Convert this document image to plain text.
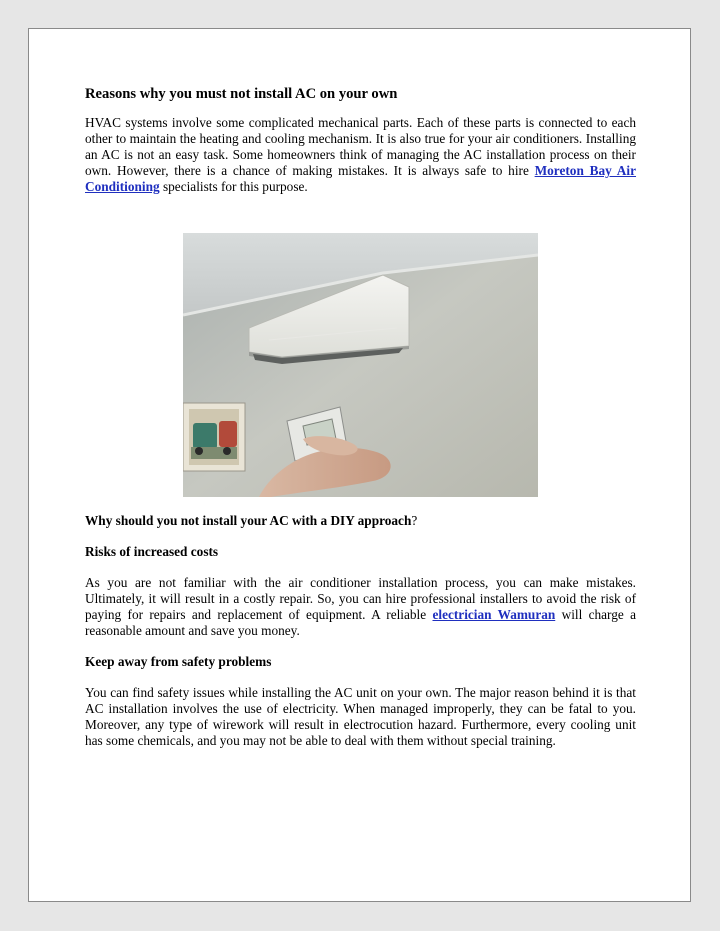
Reasons why you must not install AC on your own

HVAC systems involve some complicated mechanical parts. Each of these parts is connected to each other to maintain the heating and cooling mechanism. It is also true for your air conditioners. Installing an AC is not an easy task. Some homeowners think of managing the AC installation process on their own. However, there is a chance of making mistakes. It is always safe to hire Moreton Bay Air Conditioning specialists for this purpose.

Why should you not install your AC with a DIY approach?

Risks of increased costs

As you are not familiar with the air conditioner installation process, you can make mistakes. Ultimately, it will result in a costly repair. So, you can hire professional installers to avoid the risk of paying for repairs and replacement of equipment. A reliable electrician Wamuran will charge a reasonable amount and save you money.

Keep away from safety problems

You can find safety issues while installing the AC unit on your own. The major reason behind it is that AC installation involves the use of electricity. When managed improperly, they can be fatal to you. Moreover, any type of wirework will result in electrocution hazard. Furthermore, every cooling unit has some chemicals, and you may not be able to deal with them without special training.
